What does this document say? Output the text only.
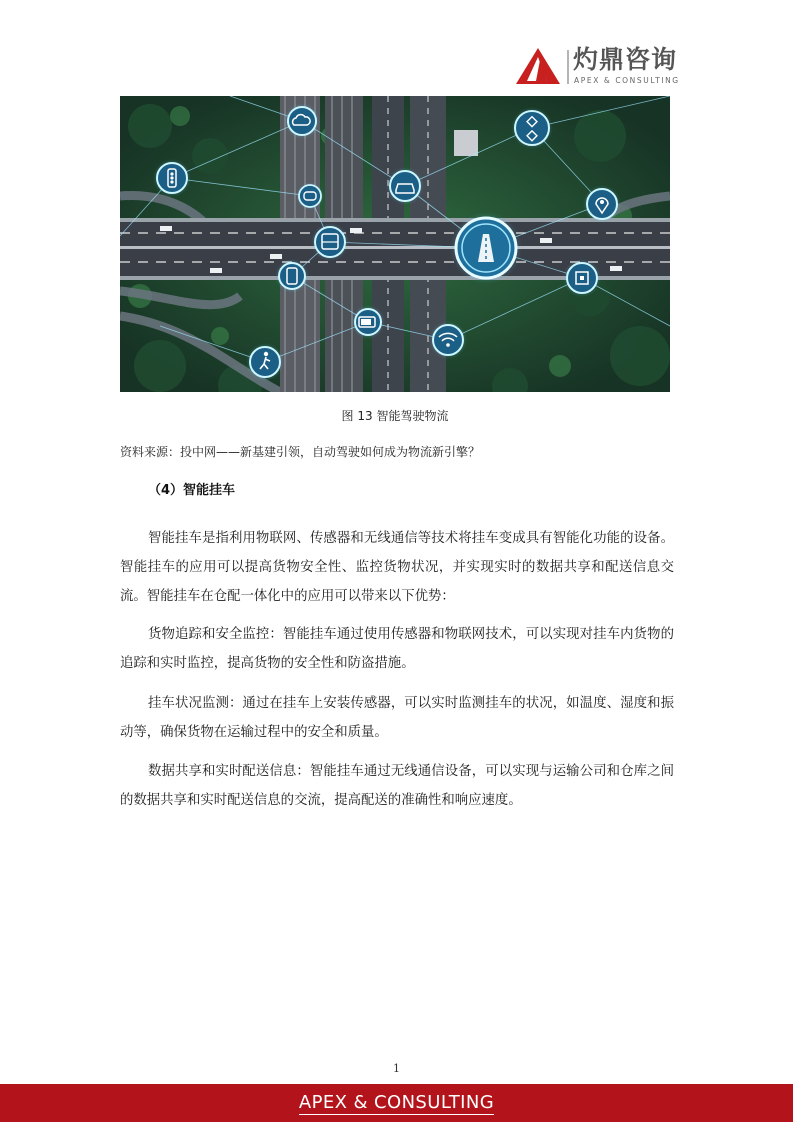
灼鼎咨询
APEX & CONSULTING
图 13 智能驾驶物流
资料来源：投中网——新基建引领，自动驾驶如何成为物流新引擎？
（4）智能挂车

智能挂车是指利用物联网、传感器和无线通信等技术将挂车变成具有智能化功能的设备。智能挂车的应用可以提高货物安全性、监控货物状况，并实现实时的数据共享和配送信息交流。智能挂车在仓配一体化中的应用可以带来以下优势：

货物追踪和安全监控：智能挂车通过使用传感器和物联网技术，可以实现对挂车内货物的追踪和实时监控，提高货物的安全性和防盗措施。

挂车状况监测：通过在挂车上安装传感器，可以实时监测挂车的状况，如温度、湿度和振动等，确保货物在运输过程中的安全和质量。

数据共享和实时配送信息：智能挂车通过无线通信设备，可以实现与运输公司和仓库之间的数据共享和实时配送信息的交流，提高配送的准确性和响应速度。

1
APEX & CONSULTING
